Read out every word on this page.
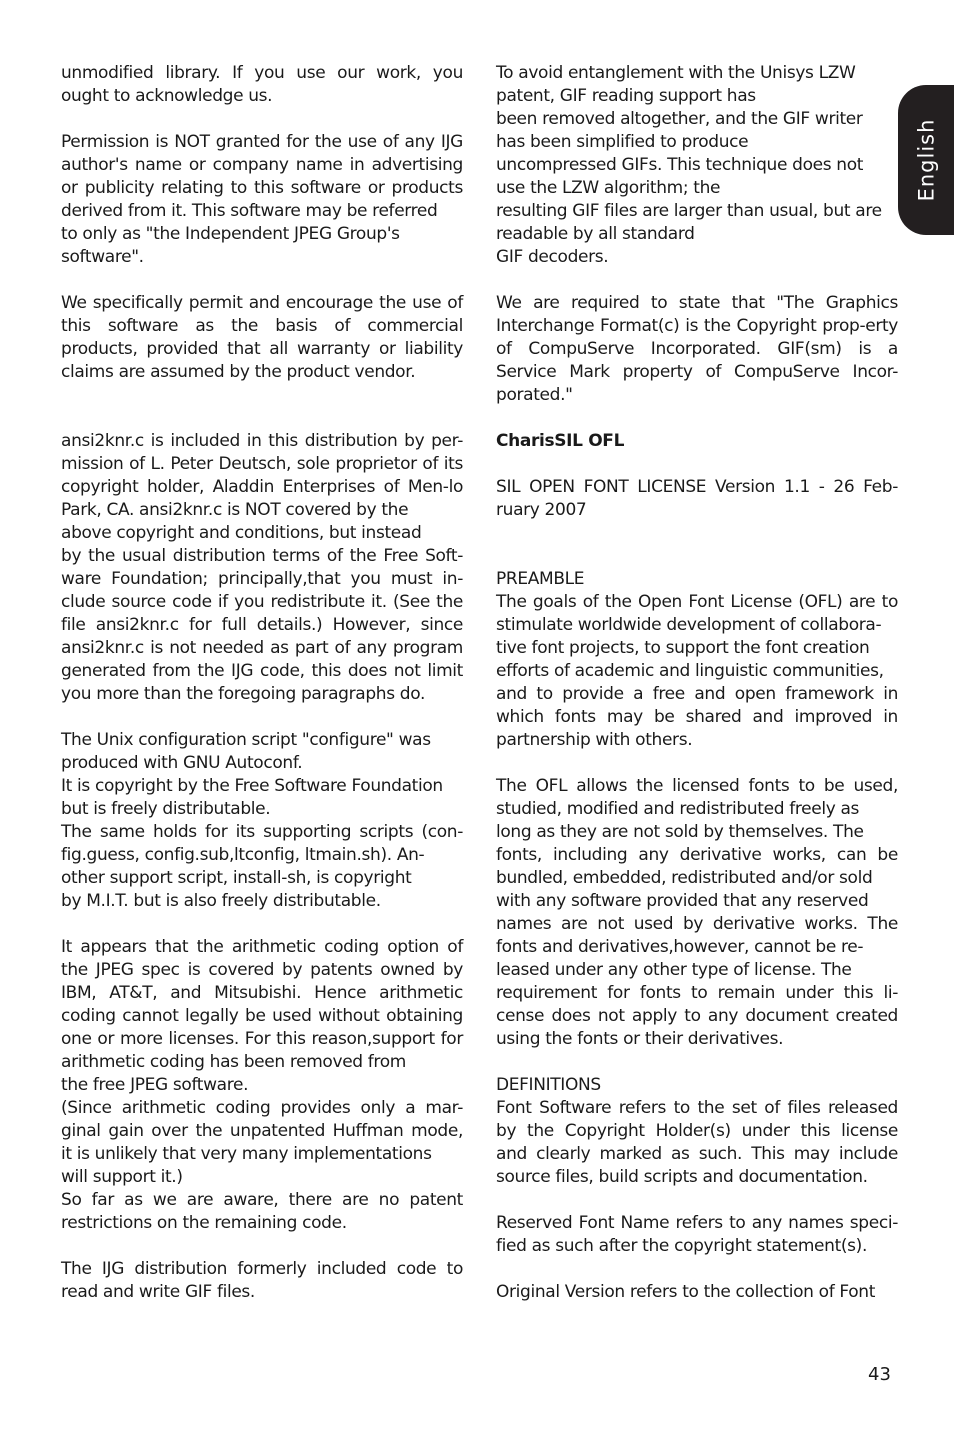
unmodified library. If you use our work, you ought to acknowledge us.

Permission is NOT granted for the use of any IJG author's name or company name in advertising or publicity relating to this software or products derived from it. This software may be referred
to only as "the Independent JPEG Group's
software".

We specifically permit and encourage the use of this software as the basis of commercial products, provided that all warranty or liability claims are assumed by the product vendor.

ansi2knr.c is included in this distribution by per-mission of L. Peter Deutsch, sole proprietor of its copyright holder, Aladdin Enterprises of Men-lo Park, CA. ansi2knr.c is NOT covered by the
above copyright and conditions, but instead
by the usual distribution terms of the Free Soft-ware Foundation; principally,that you must in-clude source code if you redistribute it. (See the file ansi2knr.c for full details.) However, since ansi2knr.c is not needed as part of any program generated from the IJG code, this does not limit you more than the foregoing paragraphs do.

The Unix configuration script "configure" was
produced with GNU Autoconf.
It is copyright by the Free Software Foundation
but is freely distributable.
The same holds for its supporting scripts (con-fig.guess, config.sub,ltconfig, ltmain.sh). An-
other support script, install-sh, is copyright
by M.I.T. but is also freely distributable.

It appears that the arithmetic coding option of the JPEG spec is covered by patents owned by IBM, AT&T, and Mitsubishi. Hence arithmetic coding cannot legally be used without obtaining one or more licenses. For this reason,support for arithmetic coding has been removed from
the free JPEG software.
(Since arithmetic coding provides only a mar-ginal gain over the unpatented Huffman mode, it is unlikely that very many implementations
will support it.)
So far as we are aware, there are no patent restrictions on the remaining code.

The IJG distribution formerly included code to read and write GIF files.

To avoid entanglement with the Unisys LZW
patent, GIF reading support has
been removed altogether, and the GIF writer
has been simplified to produce
uncompressed GIFs. This technique does not
use the LZW algorithm; the
resulting GIF files are larger than usual, but are
readable by all standard
GIF decoders.

We are required to state that "The Graphics Interchange Format(c) is the Copyright prop-erty of CompuServe Incorporated. GIF(sm) is a Service Mark property of CompuServe Incor-porated."

CharisSIL OFL

SIL OPEN FONT LICENSE Version 1.1 - 26 Feb-ruary 2007

PREAMBLE
The goals of the Open Font License (OFL) are to stimulate worldwide development of collabora-
tive font projects, to support the font creation
efforts of academic and linguistic communities,
and to provide a free and open framework in which fonts may be shared and improved in partnership with others.

The OFL allows the licensed fonts to be used, studied, modified and redistributed freely as
long as they are not sold by themselves. The
fonts, including any derivative works, can be bundled, embedded, redistributed and/or sold
with any software provided that any reserved
names are not used by derivative works. The fonts and derivatives,however, cannot be re-
leased under any other type of license. The
requirement for fonts to remain under this li-cense does not apply to any document created using the fonts or their derivatives.

DEFINITIONS
Font Software refers to the set of files released by the Copyright Holder(s) under this license and clearly marked as such. This may include source files, build scripts and documentation.

Reserved Font Name refers to any names speci-fied as such after the copyright statement(s).

Original Version refers to the collection of Font

English
43
